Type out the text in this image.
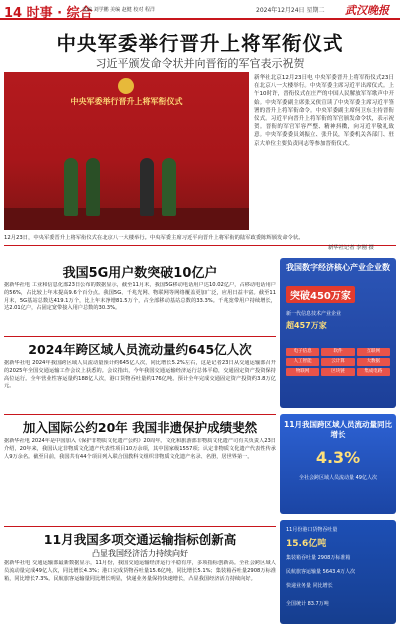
14 时事 · 综合
责编 刘学鹏 美编 赵健 校对 程洋	2024年12月24日 星期二 武汉晚报
中央军委举行晋升上将军衔仪式
习近平颁发命令状并向晋衔的军官表示祝贺
中央军委举行晋升上将军衔仪式
新华社北京12月23日电 中央军委晋升上将军衔仪式23日在北京八一大楼举行。中央军委主席习近平出席仪式。上午10时许，晋衔仪式在庄严的中国人民解放军军歌声中开始。中央军委副主席张又侠宣读了中央军委主席习近平签署的晋升上将军衔命令。中央军委副主席何卫东主持晋衔仪式。习近平向晋升上将军衔的军官颁发命令状，表示祝贺。晋衔的军官军容严整、精神抖擞，向习近平敬礼致意。中央军委委员刘振立、张升民，军委机关各部门、驻京大单位主要负责同志等参加晋衔仪式。
12月23日，中央军委晋升上将军衔仪式在北京八一大楼举行。中央军委主席习近平向晋升上将军衔的陆军政委陈辉颁发命令状。
新华社记者 李刚 摄
我国5G用户数突破10亿户
据新华社电 工业和信息化部23日公布的数据显示，截至11月末，我国5G移动电话用户达10.02亿户，占移动电话用户的56%，占比较上年末提高9.6个百分点。我国5G、千兆光网、物联网等网络覆盖更加广泛，应用日益丰富。截至11月末，5G基站总数达419.1万个，比上年末净增81.5万个，占全部移动基站总数的33.3%。千兆宽带用户持续增长，达2.01亿户，占固定宽带接入用户总数的30.3%。
2024年跨区域人员流动量约645亿人次
据新华社电 2024年我国跨区域人员流动量预计约645亿人次，同比增长5.2%左右，这是记者23日从交通运输部召开的2025年全国交通运输工作会议上获悉的。会议指出，今年我国交通运输经济运行总体平稳，交通固定资产投资保持高位运行。全年营业性客运量约188亿人次，港口货物吞吐量约176亿吨。预计全年完成交通固定资产投资约3.8万亿元。
加入国际公约20年 我国非遗保护成绩斐然
据新华社电 2024年是中国加入《保护非物质文化遗产公约》20周年。文化和旅游部非物质文化遗产司有关负责人23日介绍，20年来，我国认定非物质文化遗产代表性项目10万余项，其中国家级1557项；认定非物质文化遗产代表性传承人9万余名。截至目前，我国共有44个项目列入联合国教科文组织非物质文化遗产名录、名册，居世界第一。
11月我国多项交通运输指标创新高
凸显我国经济活力持续向好
据新华社电 交通运输部最新数据显示，11月份，我国交通运输经济运行平稳有序，多项指标创新高。全社会跨区域人员流动量完成49亿人次，同比增长4.3%；港口完成货物吞吐量15.6亿吨，同比增长5.1%；集装箱吞吐量2908万标准箱，同比增长7.3%。民航旅客运输量同比增长明显，快递业务量保持快速增长，凸显我国经济活力持续向好。
我国数字经济核心产业企业数
突破450万家
新一代信息技术产业企业
超457万家
电子信息	软件	互联网
人工智能	云计算	大数据
物联网	区块链	集成电路
11月我国跨区域人员流动量同比增长
4.3%
全社会跨区域人员流动量 49亿人次
11月份港口货物吞吐量
15.6亿吨
集装箱吞吐量 2908万标准箱
民航旅客运输量 5643.4万人次
快递业务量 同比增长
全国统计 83.7万吨
